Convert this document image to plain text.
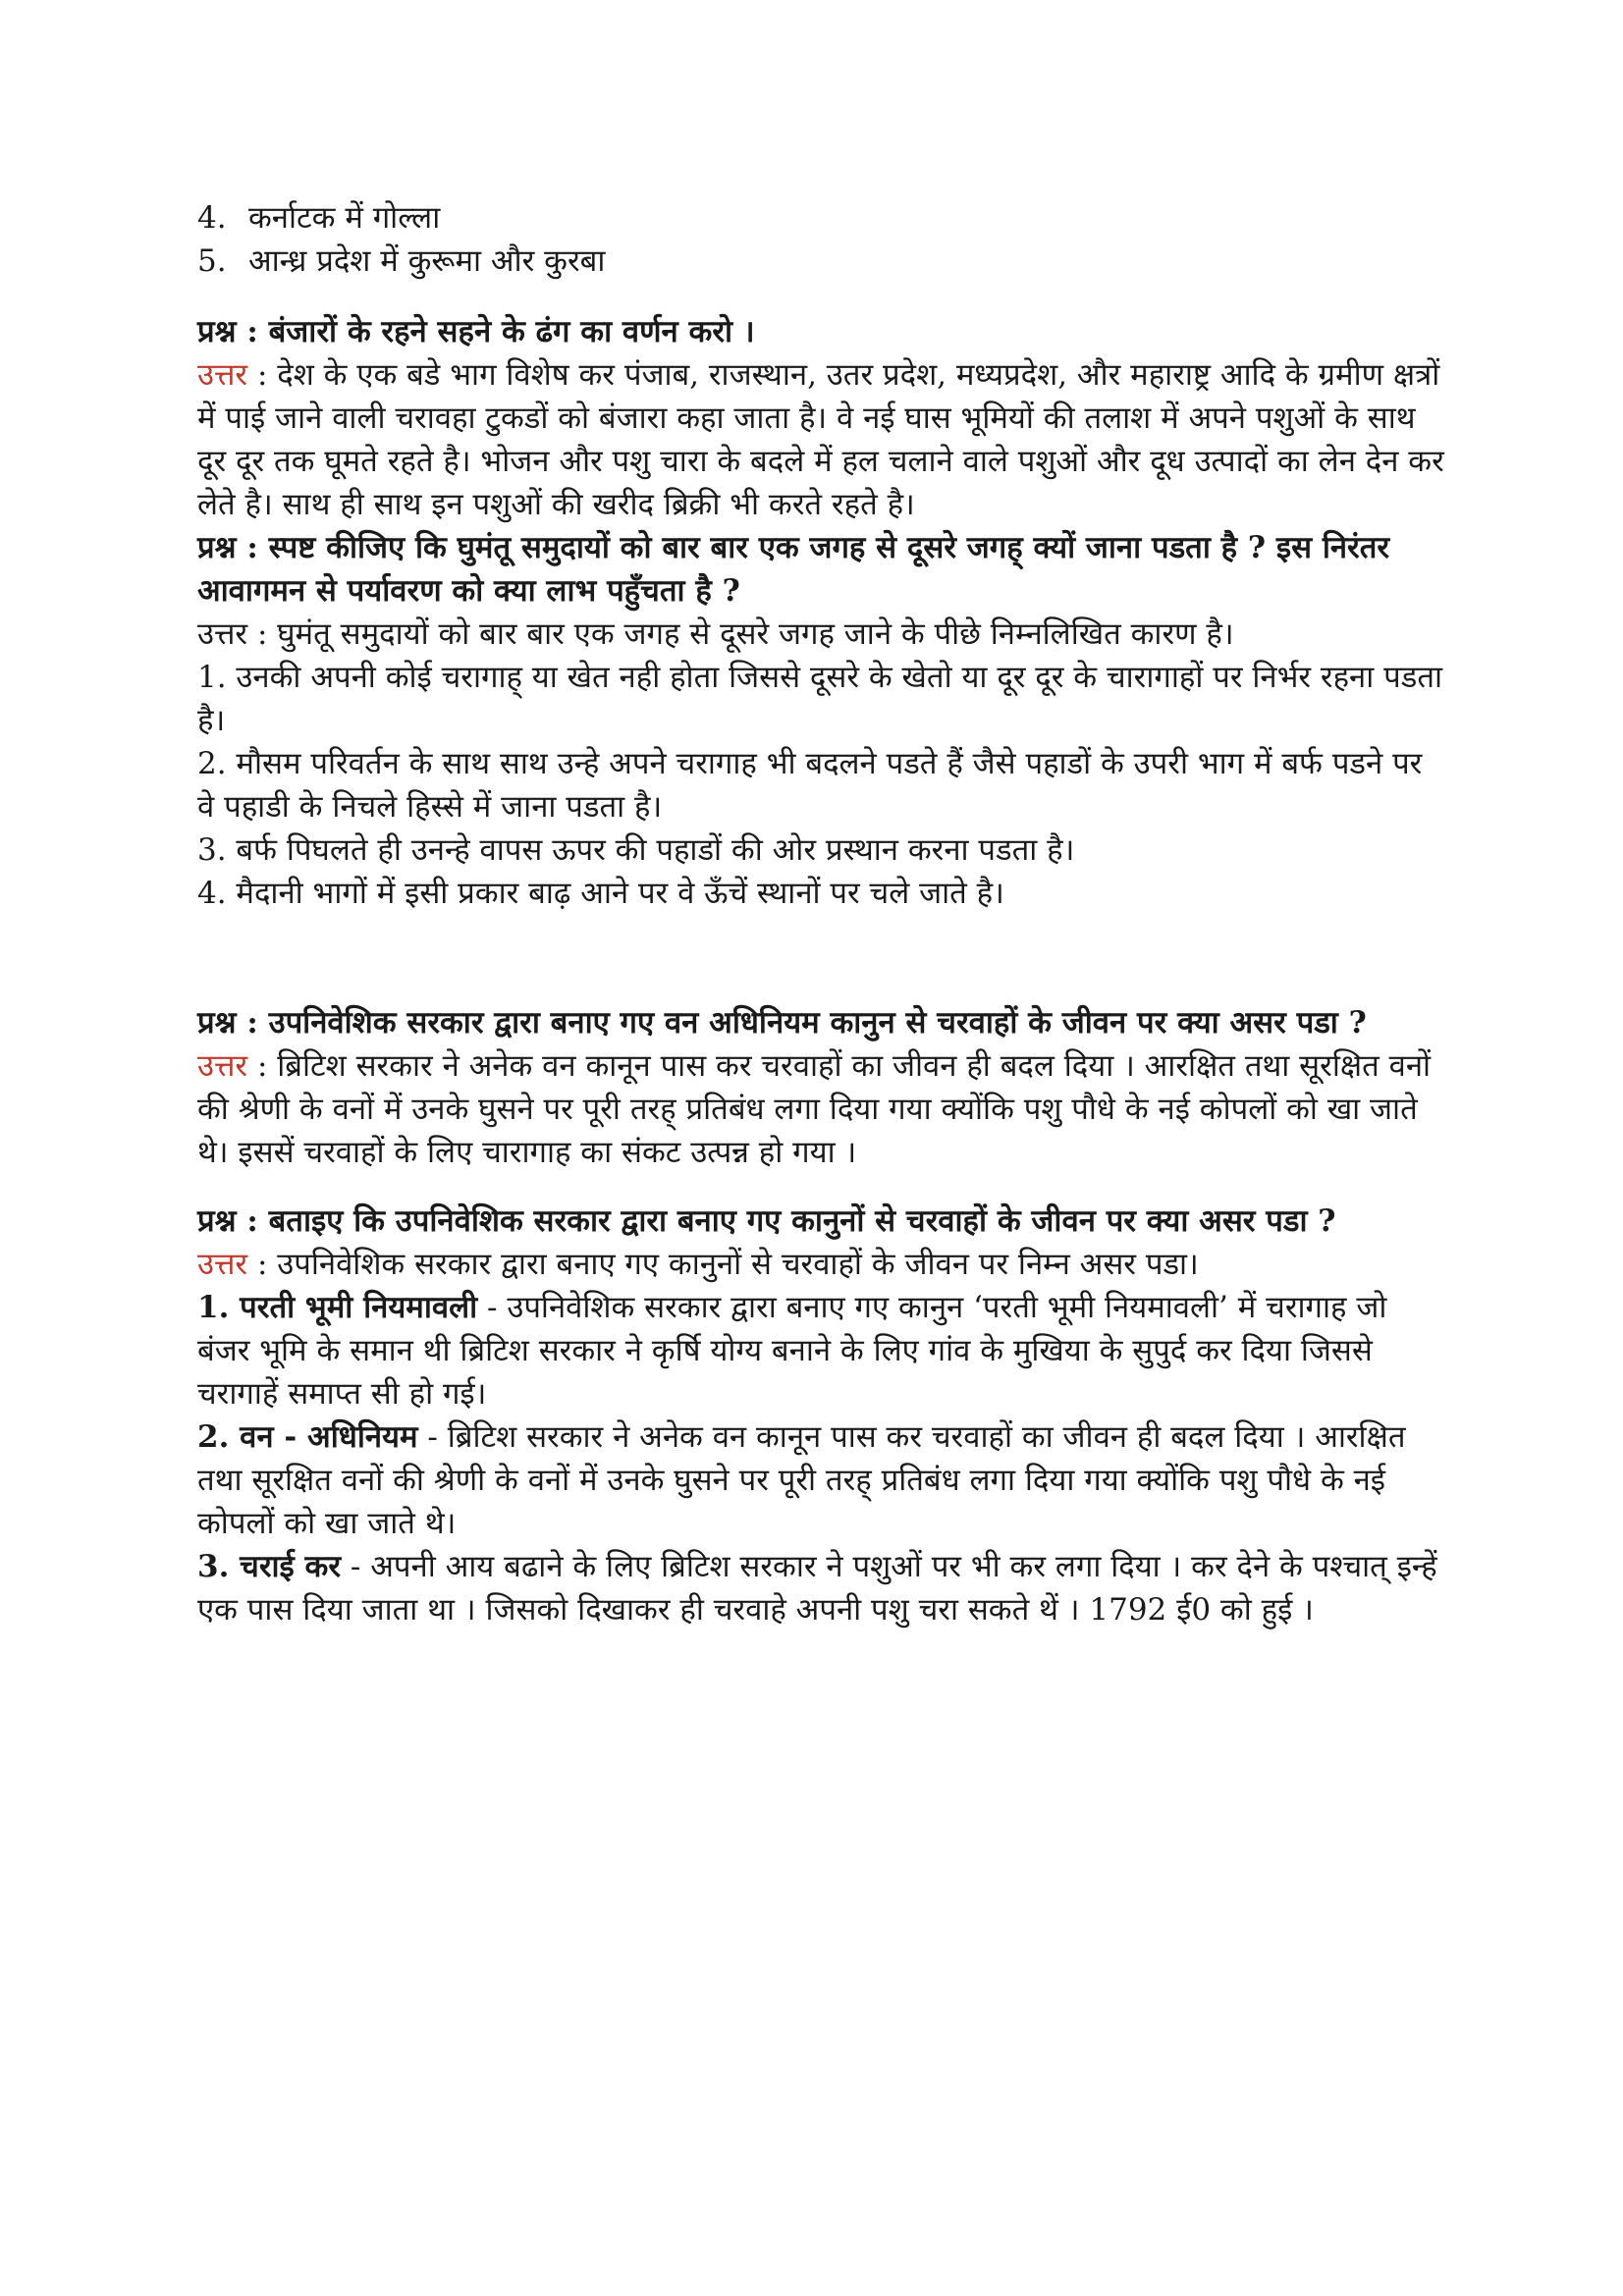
4. कर्नाटक में गोल्ला
5. आन्ध्र प्रदेश में कुरूमा और कुरबा

प्रश्न : बंजारों के रहने सहने के ढंग का वर्णन करो ।

उत्तर : देश के एक बडे भाग विशेष कर पंजाब, राजस्थान, उतर प्रदेश, मध्यप्रदेश, और महाराष्ट्र आदि के ग्रमीण क्षत्रों में पाई जाने वाली चरावहा टुकडों को बंजारा कहा जाता है। वे नई घास भूमियों की तलाश में अपने पशुओं के साथ दूर दूर तक घूमते रहते है। भोजन और पशु चारा के बदले में हल चलाने वाले पशुओं और दूध उत्पादों का लेन देन कर लेते है। साथ ही साथ इन पशुओं की खरीद ब्रिक्री भी करते रहते है।

प्रश्न : स्पष्ट कीजिए कि घुमंतू समुदायों को बार बार एक जगह से दूसरे जगह् क्यों जाना पडता है ? इस निरंतर आवागमन से पर्यावरण को क्या लाभ पहुँचता है ?

उत्तर : घुमंतू समुदायों को बार बार एक जगह से दूसरे जगह जाने के पीछे निम्नलिखित कारण है।

1. उनकी अपनी कोई चरागाह् या खेत नही होता जिससे दूसरे के खेतो या दूर दूर के चारागाहों पर निर्भर रहना पडता है।

2. मौसम परिवर्तन के साथ साथ उन्हे अपने चरागाह भी बदलने पडते हैं जैसे पहाडों के उपरी भाग में बर्फ पडने पर वे पहाडी के निचले हिस्से में जाना पडता है।

3. बर्फ पिघलते ही उनन्हे वापस ऊपर की पहाडों की ओर प्रस्थान करना पडता है।

4. मैदानी भागों में इसी प्रकार बाढ़ आने पर वे ऊँचें स्थानों पर चले जाते है।

प्रश्न : उपनिवेशिक सरकार द्वारा बनाए गए वन अधिनियम कानुन से चरवाहों के जीवन पर क्या असर पडा ?

उत्तर : ब्रिटिश सरकार ने अनेक वन कानून पास कर चरवाहों का जीवन ही बदल दिया । आरक्षित तथा सूरक्षित वनों की श्रेणी के वनों में उनके घुसने पर पूरी तरह् प्रतिबंध लगा दिया गया क्योंकि पशु पौधे के नई कोपलों को खा जाते थे। इससें चरवाहों के लिए चारागाह का संकट उत्पन्न हो गया ।

प्रश्न : बताइए कि उपनिवेशिक सरकार द्वारा बनाए गए कानुनों से चरवाहों के जीवन पर क्या असर पडा ?

उत्तर : उपनिवेशिक सरकार द्वारा बनाए गए कानुनों से चरवाहों के जीवन पर निम्न असर पडा।

1. परती भूमी नियमावली - उपनिवेशिक सरकार द्वारा बनाए गए कानुन ‘परती भूमी नियमावली’ में चरागाह जो बंजर भूमि के समान थी ब्रिटिश सरकार ने कृर्षि योग्य बनाने के लिए गांव के मुखिया के सुपुर्द कर दिया जिससे चरागाहें समाप्त सी हो गई।

2. वन - अधिनियम - ब्रिटिश सरकार ने अनेक वन कानून पास कर चरवाहों का जीवन ही बदल दिया । आरक्षित तथा सूरक्षित वनों की श्रेणी के वनों में उनके घुसने पर पूरी तरह् प्रतिबंध लगा दिया गया क्योंकि पशु पौधे के नई कोपलों को खा जाते थे।

3. चराई कर - अपनी आय बढाने के लिए ब्रिटिश सरकार ने पशुओं पर भी कर लगा दिया । कर देने के पश्चात् इन्हें एक पास दिया जाता था । जिसको दिखाकर ही चरवाहे अपनी पशु चरा सकते थें । 1792 ई0 को हुई ।
